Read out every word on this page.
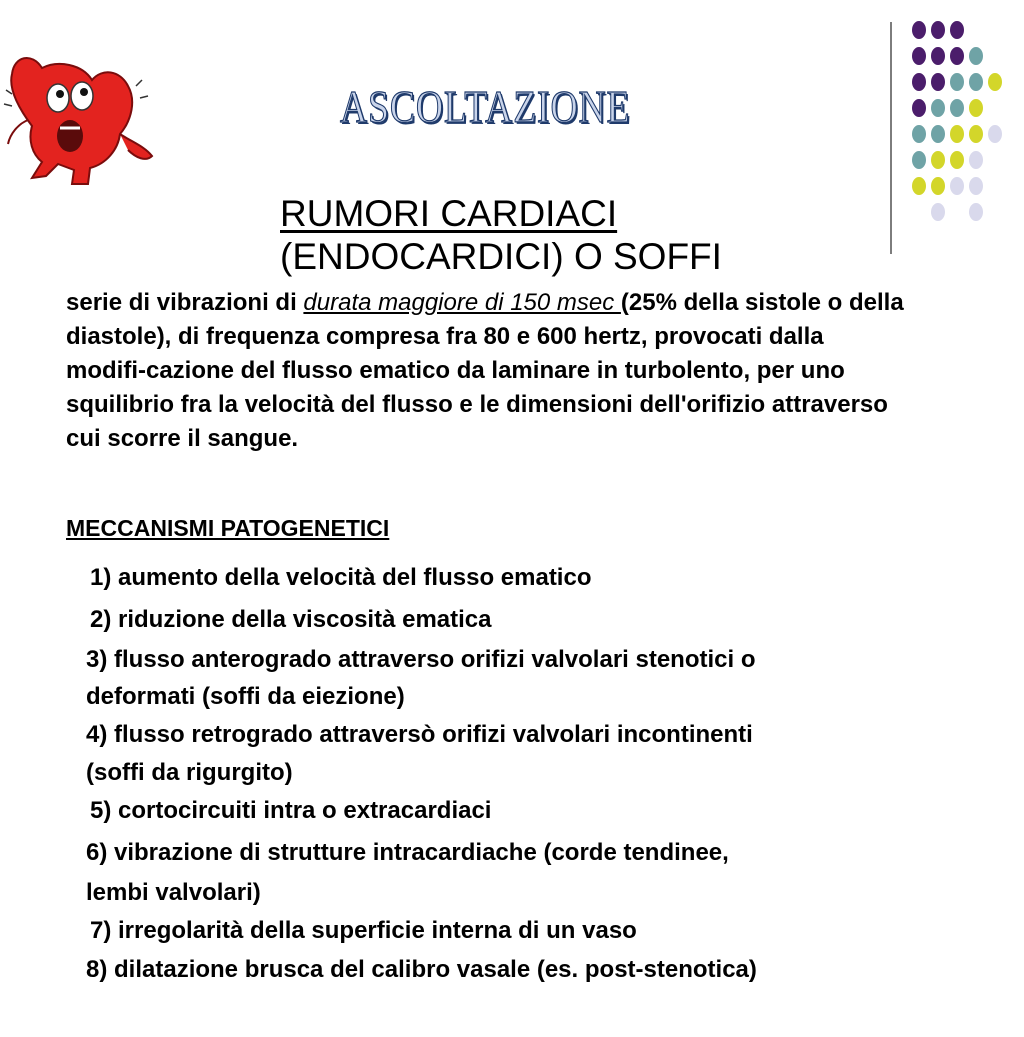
ASCOLTAZIONE
RUMORI CARDIACI
(ENDOCARDICI) O SOFFI
serie di vibrazioni di durata maggiore di 150 msec (25% della sistole o della diastole), di frequenza compresa fra 80 e 600 hertz, provocati dalla modifi-cazione del flusso ematico da laminare in turbolento, per uno squilibrio fra la velocità del flusso e le dimensioni dell'orifizio attraverso cui scorre il sangue.
MECCANISMI PATOGENETICI
1) aumento della velocità del flusso ematico
2) riduzione della viscosità ematica
3) flusso anterogrado attraverso orifizi valvolari stenotici o
deformati (soffi da eiezione)
4) flusso retrogrado attraversò orifizi valvolari incontinenti
(soffi da rigurgito)
5) cortocircuiti intra o extracardiaci
6) vibrazione di strutture intracardiache (corde tendinee,
lembi valvolari)
7) irregolarità della superficie interna di un vaso
8) dilatazione brusca del calibro vasale (es. post-stenotica)
